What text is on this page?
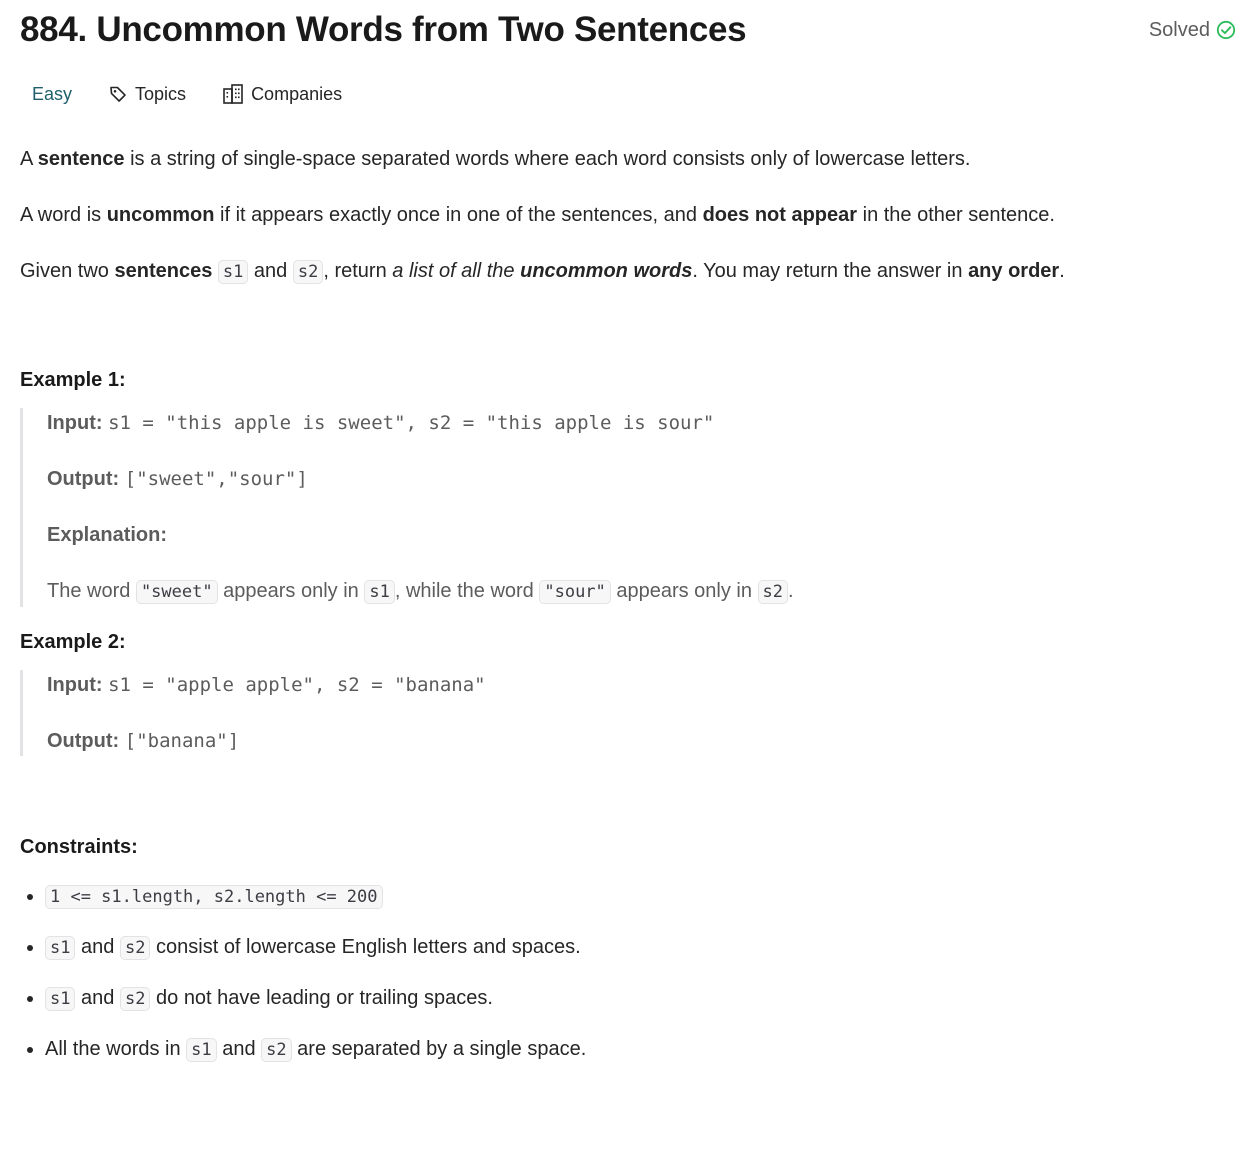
884. Uncommon Words from Two Sentences	Solved
Easy	Topics	Companies

A sentence is a string of single-space separated words where each word consists only of lowercase letters.

A word is uncommon if it appears exactly once in one of the sentences, and does not appear in the other sentence.

Given two sentences s1 and s2 , return a list of all the uncommon words. You may return the answer in any order.

Example 1:

Input: s1 = "this apple is sweet", s2 = "this apple is sour"

Output: ["sweet","sour"]

Explanation:

The word "sweet" appears only in s1 , while the word "sour" appears only in s2 .

Example 2:

Input: s1 = "apple apple", s2 = "banana"

Output: ["banana"]

Constraints:

• 1 <= s1.length, s2.length <= 200
• s1 and s2 consist of lowercase English letters and spaces.
• s1 and s2 do not have leading or trailing spaces.
• All the words in s1 and s2 are separated by a single space.
